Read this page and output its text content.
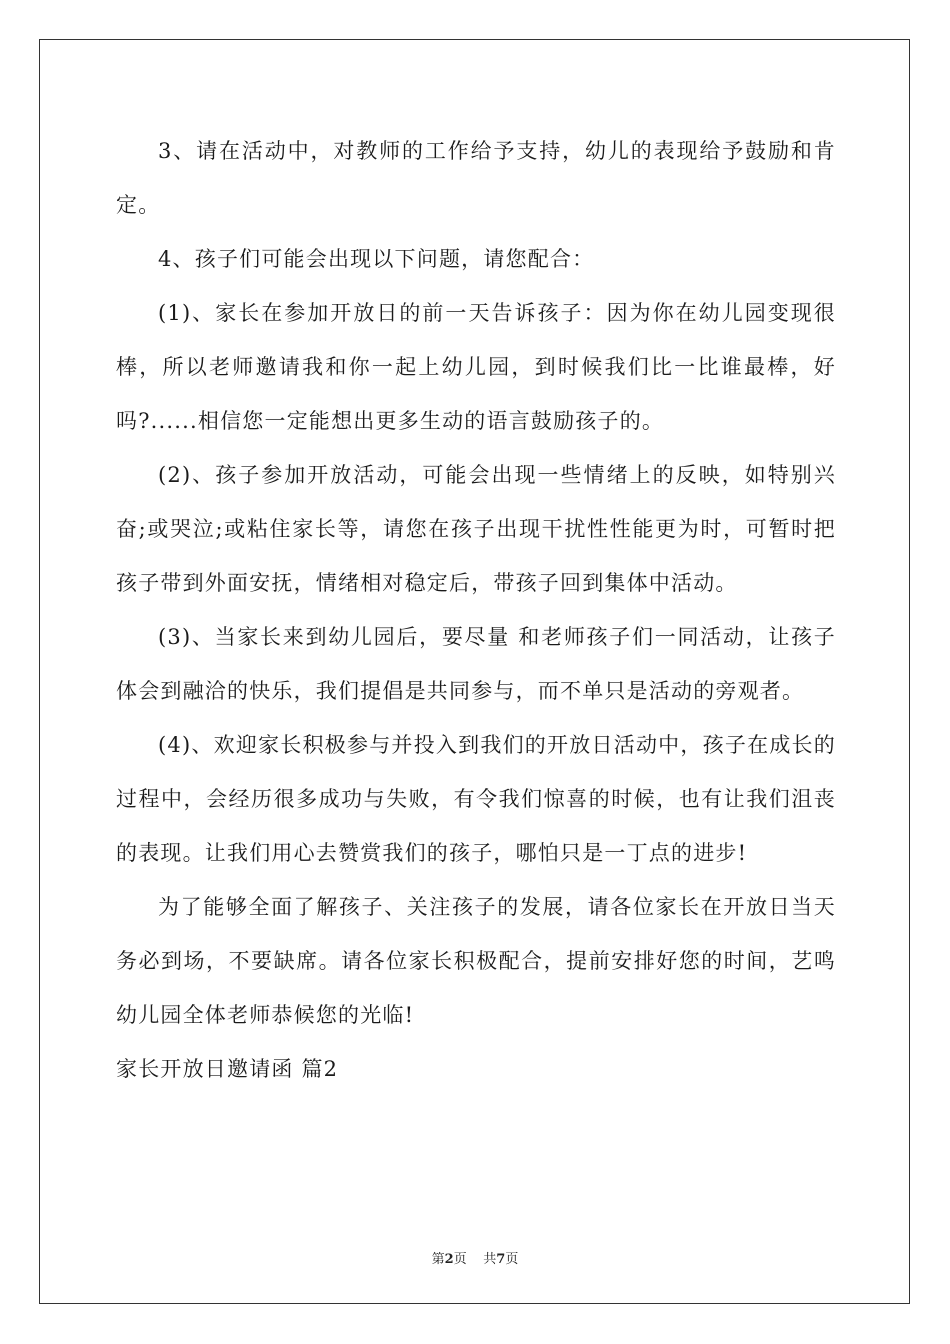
3、请在活动中，对教师的工作给予支持，幼儿的表现给予鼓励和肯定。

4、孩子们可能会出现以下问题，请您配合：

(1)、家长在参加开放日的前一天告诉孩子：因为你在幼儿园变现很棒，所以老师邀请我和你一起上幼儿园，到时候我们比一比谁最棒，好吗?......相信您一定能想出更多生动的语言鼓励孩子的。

(2)、孩子参加开放活动，可能会出现一些情绪上的反映，如特别兴奋;或哭泣;或粘住家长等，请您在孩子出现干扰性性能更为时，可暂时把孩子带到外面安抚，情绪相对稳定后，带孩子回到集体中活动。

(3)、当家长来到幼儿园后，要尽量 和老师孩子们一同活动，让孩子体会到融洽的快乐，我们提倡是共同参与，而不单只是活动的旁观者。

(4)、欢迎家长积极参与并投入到我们的开放日活动中，孩子在成长的过程中，会经历很多成功与失败，有令我们惊喜的时候，也有让我们沮丧的表现。让我们用心去赞赏我们的孩子，哪怕只是一丁点的进步!

为了能够全面了解孩子、关注孩子的发展，请各位家长在开放日当天务必到场，不要缺席。请各位家长积极配合，提前安排好您的时间，艺鸣幼儿园全体老师恭候您的光临!

家长开放日邀请函 篇2

第2页 共7页
